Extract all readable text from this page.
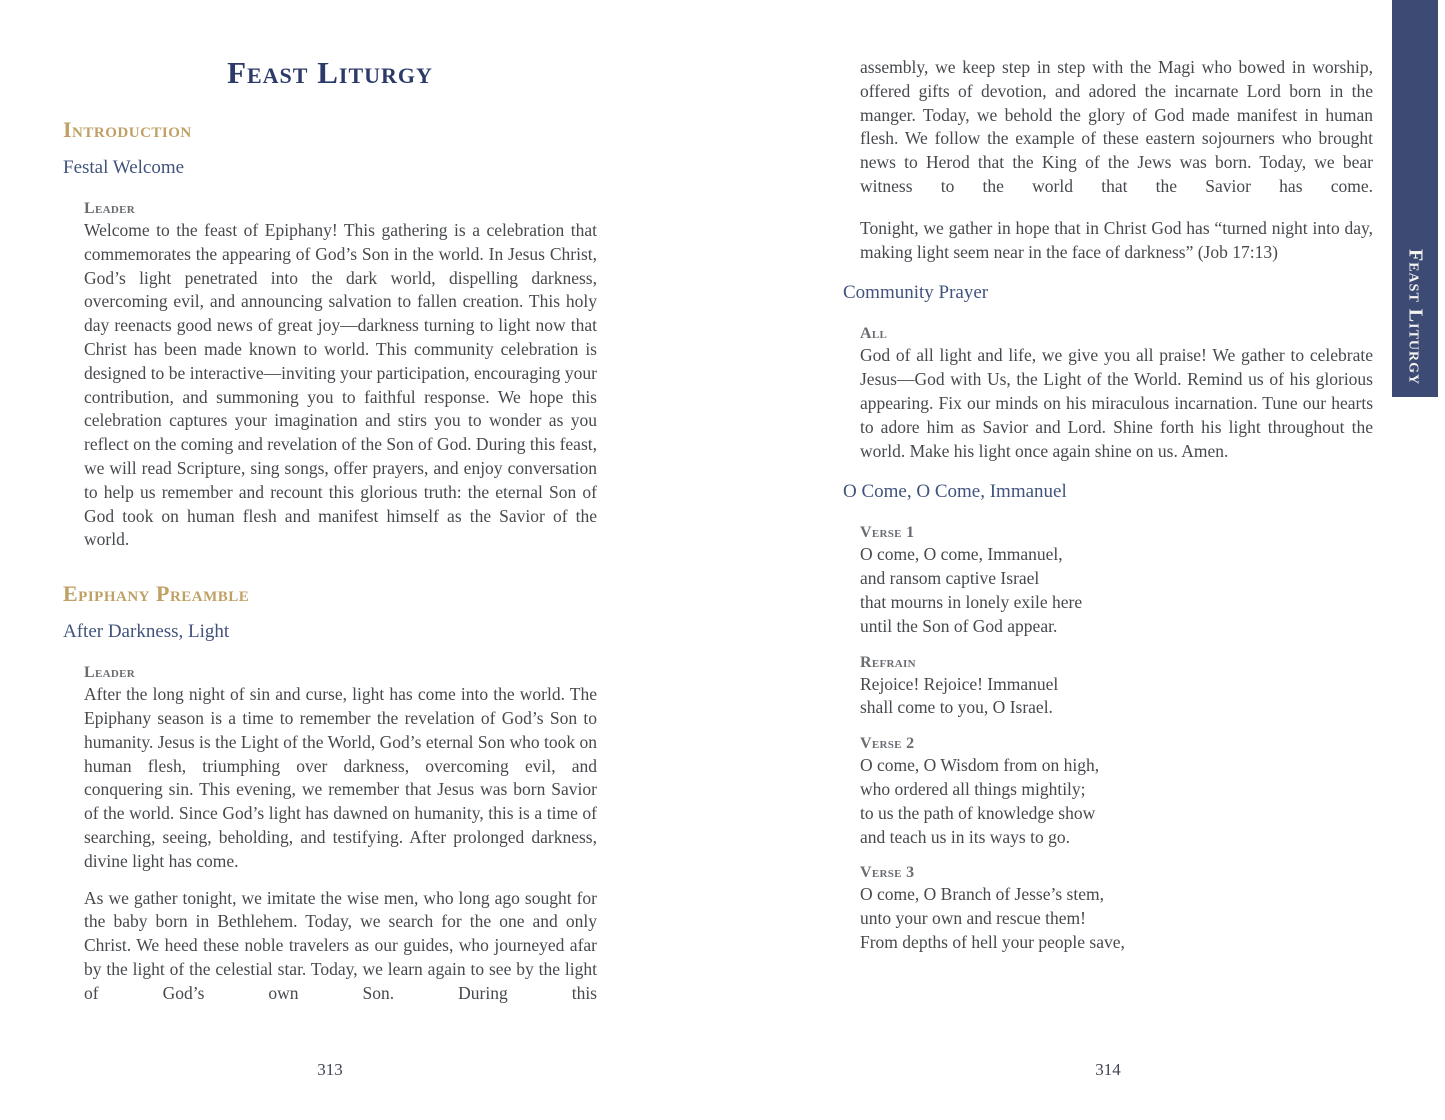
Feast Liturgy
Introduction
Festal Welcome
Leader

Welcome to the feast of Epiphany! This gathering is a celebration that commemorates the appearing of God’s Son in the world. In Jesus Christ, God’s light penetrated into the dark world, dispelling darkness, overcoming evil, and announcing salvation to fallen creation. This holy day reenacts good news of great joy—darkness turning to light now that Christ has been made known to world. This community celebration is designed to be interactive—inviting your participation, encouraging your contribution, and summoning you to faithful response. We hope this celebration captures your imagination and stirs you to wonder as you reflect on the coming and revelation of the Son of God. During this feast, we will read Scripture, sing songs, offer prayers, and enjoy conversation to help us remember and recount this glorious truth: the eternal Son of God took on human flesh and manifest himself as the Savior of the world.

Epiphany Preamble
After Darkness, Light
Leader

After the long night of sin and curse, light has come into the world. The Epiphany season is a time to remember the revelation of God’s Son to humanity. Jesus is the Light of the World, God’s eternal Son who took on human flesh, triumphing over darkness, overcoming evil, and conquering sin. This evening, we remember that Jesus was born Savior of the world. Since God’s light has dawned on humanity, this is a time of searching, seeing, beholding, and testifying. After prolonged darkness, divine light has come.

As we gather tonight, we imitate the wise men, who long ago sought for the baby born in Bethlehem. Today, we search for the one and only Christ. We heed these noble travelers as our guides, who journeyed afar by the light of the celestial star. Today, we learn again to see by the light of God’s own Son. During this

313

assembly, we keep step in step with the Magi who bowed in worship, offered gifts of devotion, and adored the incarnate Lord born in the manger. Today, we behold the glory of God made manifest in human flesh. We follow the example of these eastern sojourners who brought news to Herod that the King of the Jews was born. Today, we bear witness to the world that the Savior has come.

Tonight, we gather in hope that in Christ God has “turned night into day, making light seem near in the face of darkness” (Job 17:13)

Community Prayer
All

God of all light and life, we give you all praise! We gather to celebrate Jesus—God with Us, the Light of the World. Remind us of his glorious appearing. Fix our minds on his miraculous incarnation. Tune our hearts to adore him as Savior and Lord. Shine forth his light throughout the world. Make his light once again shine on us. Amen.

O Come, O Come, Immanuel
Verse 1
O come, O come, Immanuel,
and ransom captive Israel
that mourns in lonely exile here
until the Son of God appear.
Refrain
Rejoice! Rejoice! Immanuel
shall come to you, O Israel.
Verse 2
O come, O Wisdom from on high,
who ordered all things mightily;
to us the path of knowledge show
and teach us in its ways to go.
Verse 3
O come, O Branch of Jesse’s stem,
unto your own and rescue them!
From depths of hell your people save,
314
Feast Liturgy
